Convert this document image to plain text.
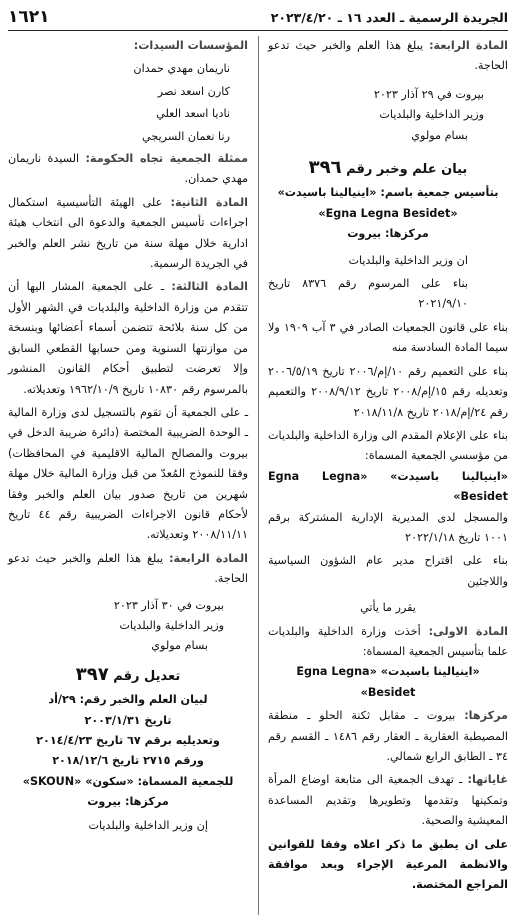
الجريدة الرسمية ـ العدد ١٦ ـ ٢٠٢٣/٤/٢٠
١٦٢١

المادة الرابعة: يبلغ هذا العلم والخبر حيث تدعو الحاجة.

بيروت في ٢٩ آذار ٢٠٢٣

وزير الداخلية والبلديات

بسام مولوي

بيان علم وخبر رقم ٣٩٦

بتأسيس جمعية باسم: «اينيالينا باسيدت»

«Egna Legna Besidet»

مركزها: بيروت

ان وزير الداخلية والبلديات

بناء على المرسوم رقم ٨٣٧٦ تاريخ ٢٠٢١/٩/١٠

بناء على قانون الجمعيات الصادر في ٣ آب ١٩٠٩ ولا سيما المادة السادسة منه

بناء على التعميم رقم ١٠/إم/٢٠٠٦ تاريخ ٢٠٠٦/٥/١٩ وتعديله رقم ١٥/إم/٢٠٠٨ تاريخ ٢٠٠٨/٩/١٢ والتعميم رقم ٢٤/إم/٢٠١٨ تاريخ ٢٠١٨/١١/٨

بناء على الإعلام المقدم الى وزارة الداخلية والبلديات من مؤسسي الجمعية المسماة:

«اينيالينا باسيدت» «Egna Legna Besidet»

والمسجل لدى المديرية الإدارية المشتركة برقم ١٠٠١ تاريخ ٢٠٢٢/١/١٨

بناء على اقتراح مدير عام الشؤون السياسية واللاجئين

يقرر ما يأتي

المادة الاولى: أخذت وزارة الداخلية والبلديات علما بتأسيس الجمعية المسماة:

«اينيالينا باسيدت» «Egna Legna Besidet»

مركزها: بيروت ـ مقابل ثكنة الحلو ـ منطقة المصيطبة العقارية ـ العقار رقم ١٤٨٦ ـ القسم رقم ٣٤ ـ الطابق الرابع شمالي.

غاياتها: ـ تهدف الجمعية الى متابعة اوضاع المرأة وتمكينها وتقدمها وتطويرها وتقديم المساعدة المعيشية والصحية.

على ان يطبق ما ذكر اعلاه وفقا للقوانين والانظمة المرعية الإجراء وبعد موافقة المراجع المختصة.

المؤسسات السيدات:

ناريمان مهدي حمدان

كارن اسعد نصر

ناديا اسعد العلي

رنا نعمان السريجي

ممثلة الجمعية تجاه الحكومة: السيدة ناريمان مهدي حمدان.

المادة الثانية: على الهيئة التأسيسية استكمال اجراءات تأسيس الجمعية والدعوة الى انتخاب هيئة ادارية خلال مهلة سنة من تاريخ نشر العلم والخبر في الجريدة الرسمية.

المادة الثالثة: ـ على الجمعية المشار اليها أن تتقدم من وزارة الداخلية والبلديات في الشهر الأول من كل سنة بلائحة تتضمن أسماء أعضائها وبنسخة من موازنتها السنوية ومن حسابها القطعي السابق وإلا تعرضت لتطبيق أحكام القانون المنشور بالمرسوم رقم ١٠٨٣٠ تاريخ ١٩٦٢/١٠/٩ وتعديلاته.

ـ على الجمعية أن تقوم بالتسجيل لدى وزارة المالية ـ الوحدة الضريبية المختصة (دائرة ضريبة الدخل في بيروت والمصالح المالية الاقليمية في المحافظات) وفقا للنموذج المُعدّ من قبل وزارة المالية خلال مهلة شهرين من تاريخ صدور بيان العلم والخبر وفقا لأحكام قانون الاجراءات الضريبية رقم ٤٤ تاريخ ٢٠٠٨/١١/١١ وتعديلاته.

المادة الرابعة: يبلغ هذا العلم والخبر حيث تدعو الحاجة.

بيروت في ٣٠ آذار ٢٠٢٣

وزير الداخلية والبلديات

بسام مولوي

تعديل رقم ٣٩٧

لبيان العلم والخبر رقم: ٢٩/أد

تاريخ ٢٠٠٣/١/٣١

وتعديليه برقم ٦٧ تاريخ ٢٠١٤/٤/٢٣

ورقم ٢٧١٥ تاريخ ٢٠١٨/١٢/٦

للجمعية المسماة: «سكون» «SKOUN»

مركزها: بيروت

إن وزير الداخلية والبلديات
